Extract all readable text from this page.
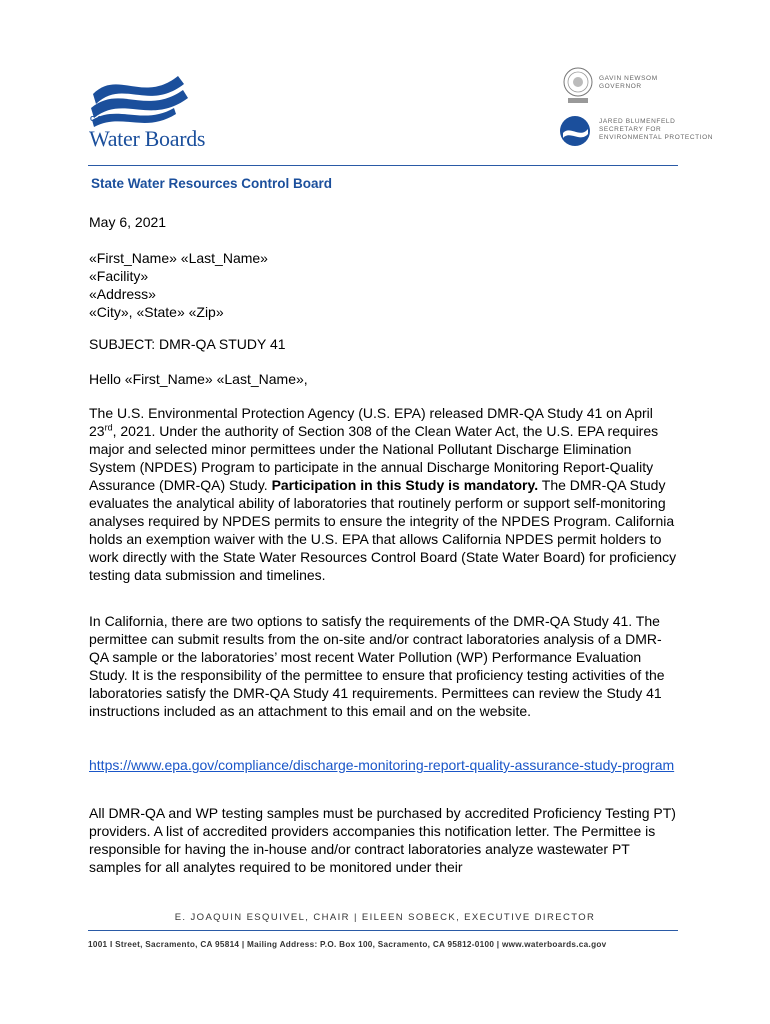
CALIFORNIA
Water Boards
GAVIN NEWSOM
GOVERNOR
JARED BLUMENFELD
SECRETARY FOR
ENVIRONMENTAL PROTECTION
State Water Resources Control Board

May 6, 2021

«First_Name» «Last_Name»
«Facility»
«Address»
«City», «State» «Zip»

SUBJECT: DMR-QA STUDY 41

Hello «First_Name» «Last_Name»,

The U.S. Environmental Protection Agency (U.S. EPA) released DMR-QA Study 41 on April 23rd, 2021. Under the authority of Section 308 of the Clean Water Act, the U.S. EPA requires major and selected minor permittees under the National Pollutant Discharge Elimination System (NPDES) Program to participate in the annual Discharge Monitoring Report-Quality Assurance (DMR-QA) Study. Participation in this Study is mandatory. The DMR-QA Study evaluates the analytical ability of laboratories that routinely perform or support self-monitoring analyses required by NPDES permits to ensure the integrity of the NPDES Program. California holds an exemption waiver with the U.S. EPA that allows California NPDES permit holders to work directly with the State Water Resources Control Board (State Water Board) for proficiency testing data submission and timelines.

In California, there are two options to satisfy the requirements of the DMR-QA Study 41. The permittee can submit results from the on-site and/or contract laboratories analysis of a DMR-QA sample or the laboratories’ most recent Water Pollution (WP) Performance Evaluation Study. It is the responsibility of the permittee to ensure that proficiency testing activities of the laboratories satisfy the DMR-QA Study 41 requirements. Permittees can review the Study 41 instructions included as an attachment to this email and on the website.

https://www.epa.gov/compliance/discharge-monitoring-report-quality-assurance-study-program

All DMR-QA and WP testing samples must be purchased by accredited Proficiency Testing PT) providers. A list of accredited providers accompanies this notification letter. The Permittee is responsible for having the in-house and/or contract laboratories analyze wastewater PT samples for all analytes required to be monitored under their

E. JOAQUIN ESQUIVEL, CHAIR | EILEEN SOBECK, EXECUTIVE DIRECTOR
1001 I Street, Sacramento, CA 95814 | Mailing Address: P.O. Box 100, Sacramento, CA 95812-0100 | www.waterboards.ca.gov
